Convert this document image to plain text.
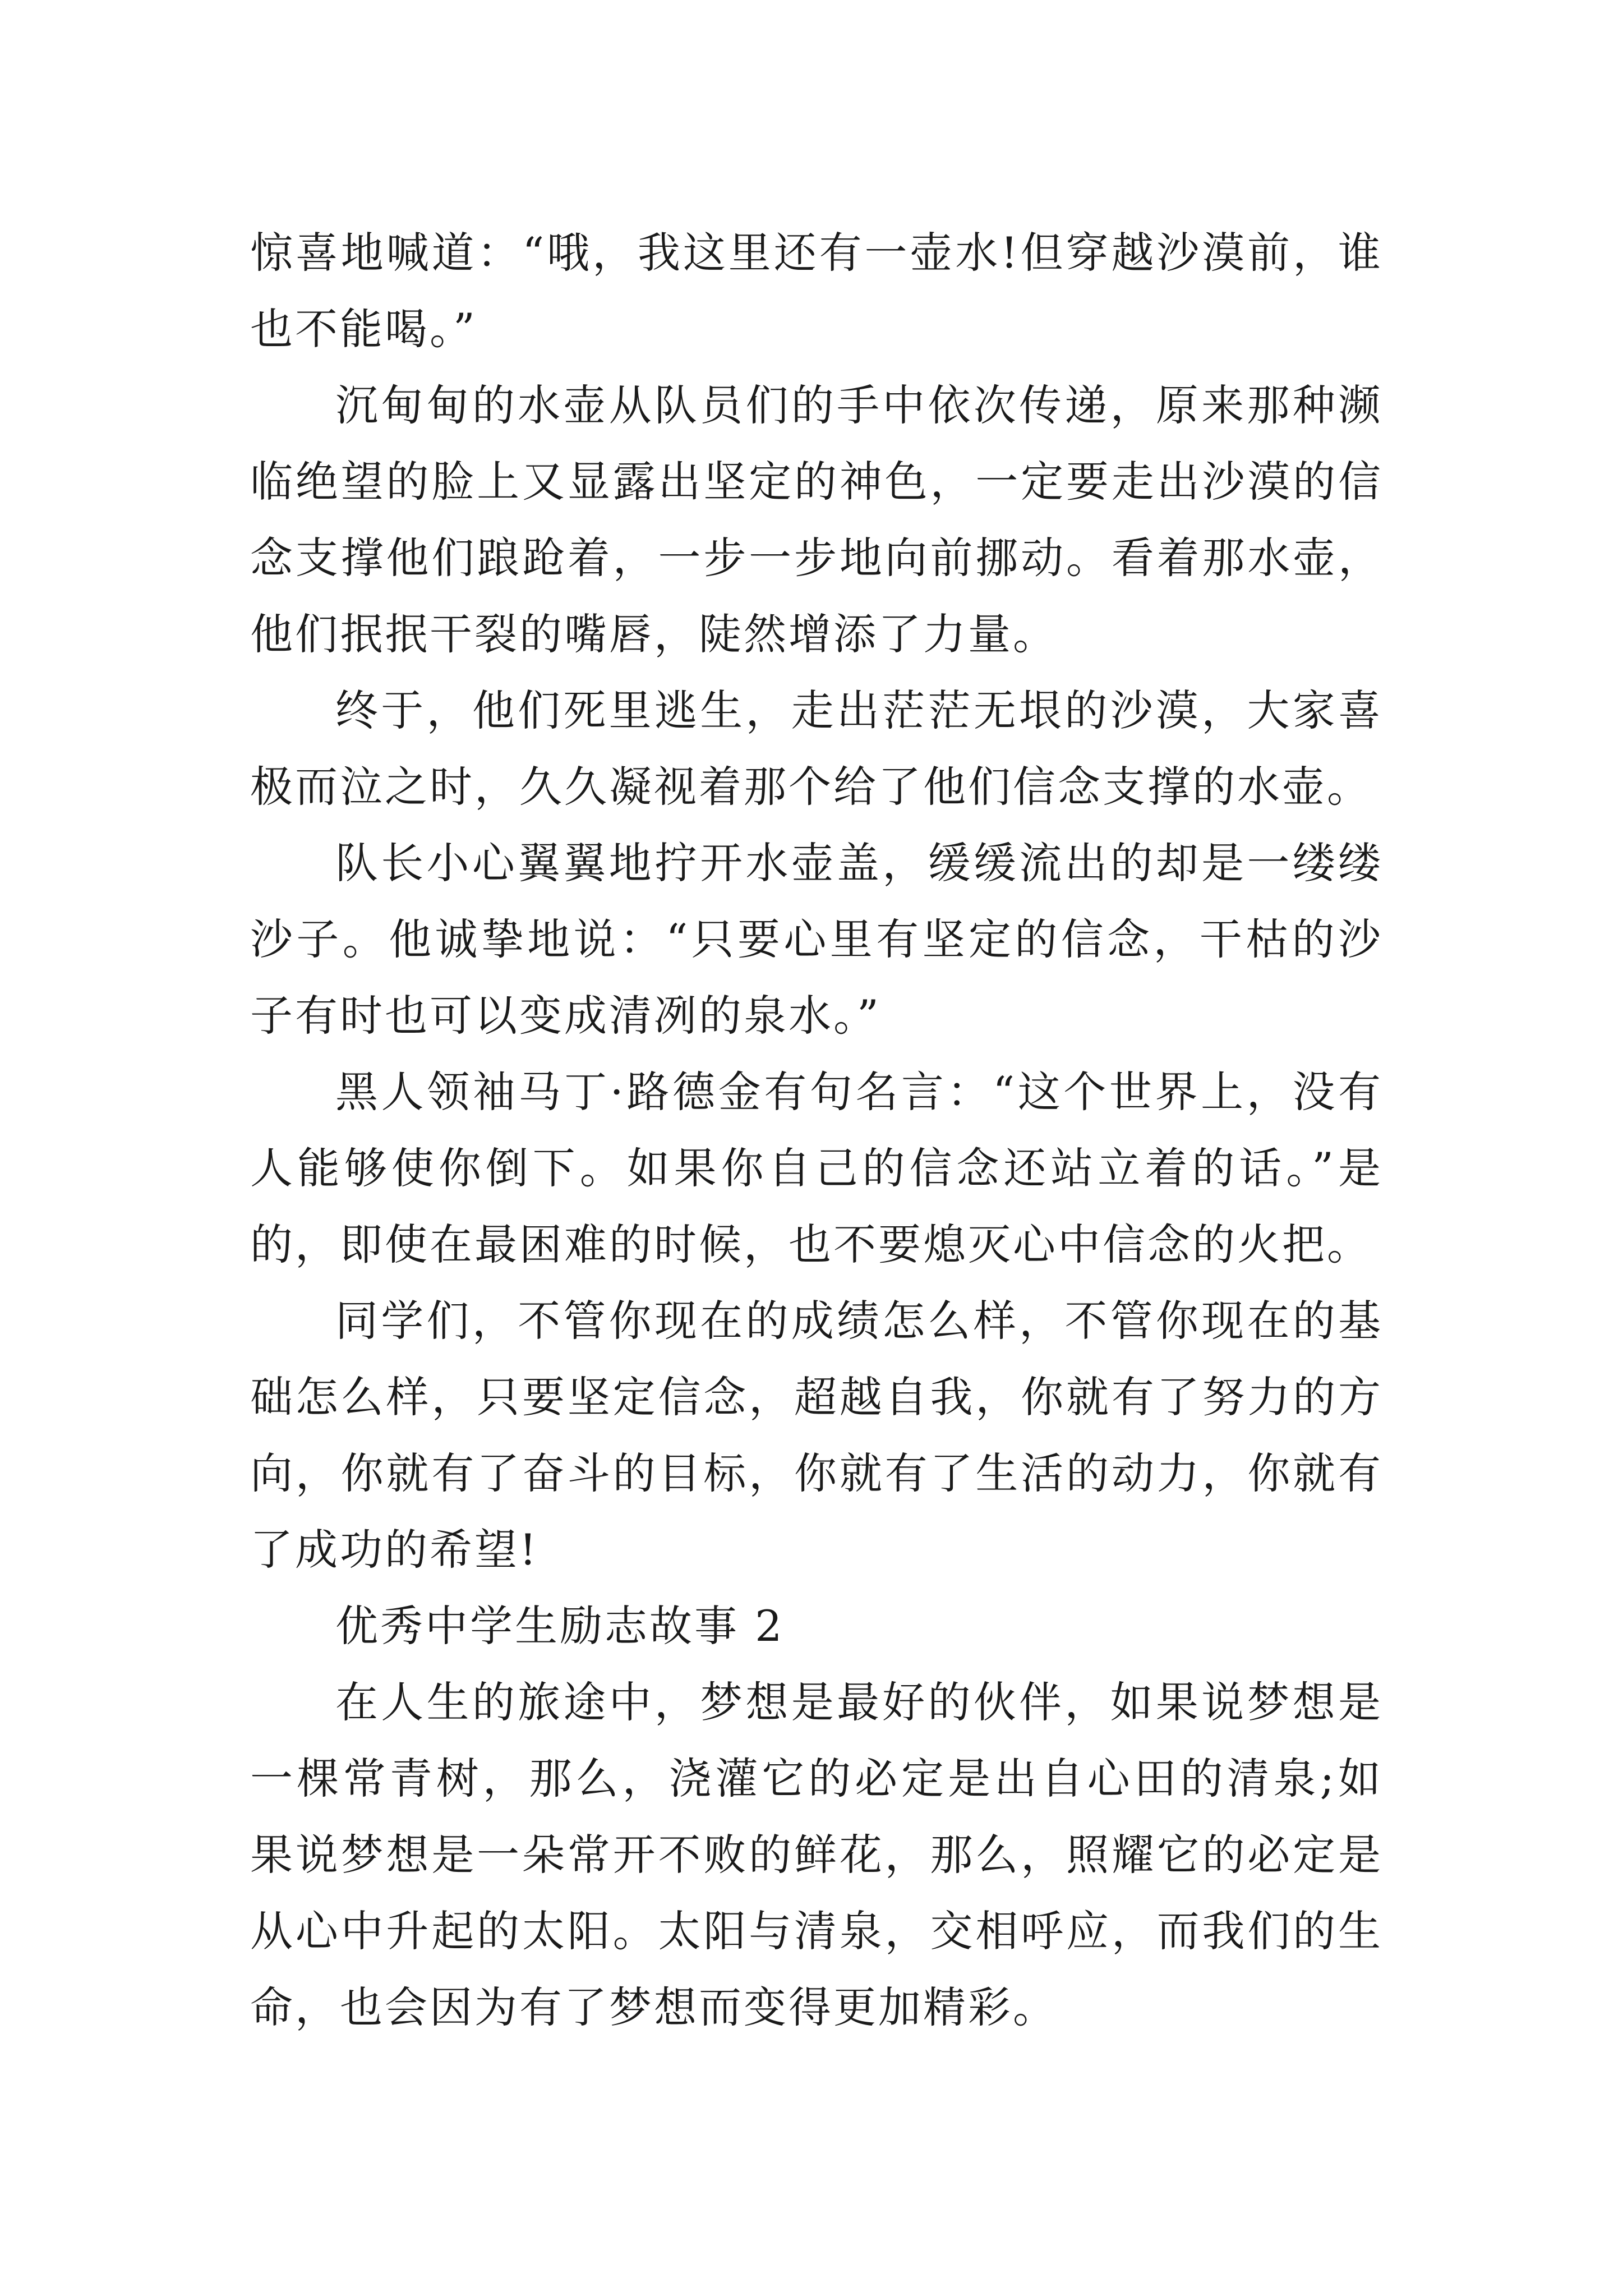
惊喜地喊道：“哦，我这里还有一壶水!但穿越沙漠前，谁也不能喝。”

沉甸甸的水壶从队员们的手中依次传递，原来那种濒临绝望的脸上又显露出坚定的神色，一定要走出沙漠的信念支撑他们踉跄着，一步一步地向前挪动。看着那水壶，他们抿抿干裂的嘴唇，陡然增添了力量。

终于，他们死里逃生，走出茫茫无垠的沙漠，大家喜极而泣之时，久久凝视着那个给了他们信念支撑的水壶。

队长小心翼翼地拧开水壶盖，缓缓流出的却是一缕缕沙子。他诚挚地说：“只要心里有坚定的信念，干枯的沙子有时也可以变成清冽的泉水。”

黑人领袖马丁·路德金有句名言：“这个世界上，没有人能够使你倒下。如果你自己的信念还站立着的话。”是的，即使在最困难的时候，也不要熄灭心中信念的火把。

同学们，不管你现在的成绩怎么样，不管你现在的基础怎么样，只要坚定信念，超越自我，你就有了努力的方向，你就有了奋斗的目标，你就有了生活的动力，你就有了成功的希望!

优秀中学生励志故事 2

在人生的旅途中，梦想是最好的伙伴，如果说梦想是一棵常青树，那么，浇灌它的必定是出自心田的清泉;如果说梦想是一朵常开不败的鲜花，那么，照耀它的必定是从心中升起的太阳。太阳与清泉，交相呼应，而我们的生命，也会因为有了梦想而变得更加精彩。
